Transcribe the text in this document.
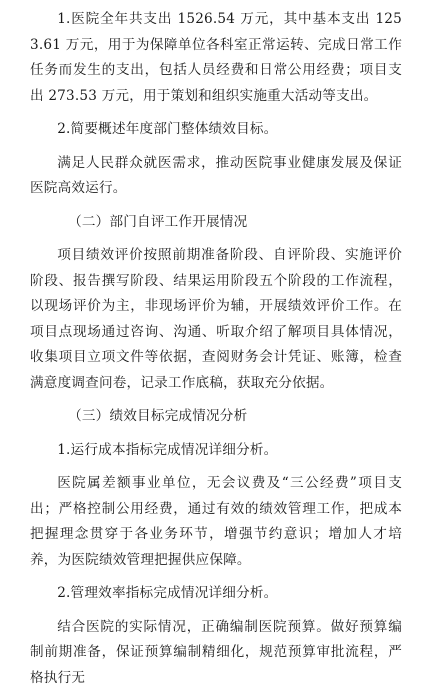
1.医院全年共支出 1526.54 万元，其中基本支出 1253.61 万元，用于为保障单位各科室正常运转、完成日常工作任务而发生的支出，包括人员经费和日常公用经费；项目支出 273.53 万元，用于策划和组织实施重大活动等支出。

2.简要概述年度部门整体绩效目标。

满足人民群众就医需求，推动医院事业健康发展及保证医院高效运行。

（二）部门自评工作开展情况

项目绩效评价按照前期准备阶段、自评阶段、实施评价阶段、报告撰写阶段、结果运用阶段五个阶段的工作流程，以现场评价为主，非现场评价为辅，开展绩效评价工作。在项目点现场通过咨询、沟通、听取介绍了解项目具体情况，收集项目立项文件等依据，查阅财务会计凭证、账簿，检查满意度调查问卷，记录工作底稿，获取充分依据。

（三）绩效目标完成情况分析

1.运行成本指标完成情况详细分析。

医院属差额事业单位，无会议费及“三公经费”项目支出；严格控制公用经费，通过有效的绩效管理工作，把成本把握理念贯穿于各业务环节，增强节约意识；增加人才培养，为医院绩效管理把握供应保障。

2.管理效率指标完成情况详细分析。

结合医院的实际情况，正确编制医院预算。做好预算编制前期准备，保证预算编制精细化，规范预算审批流程，严格执行无
